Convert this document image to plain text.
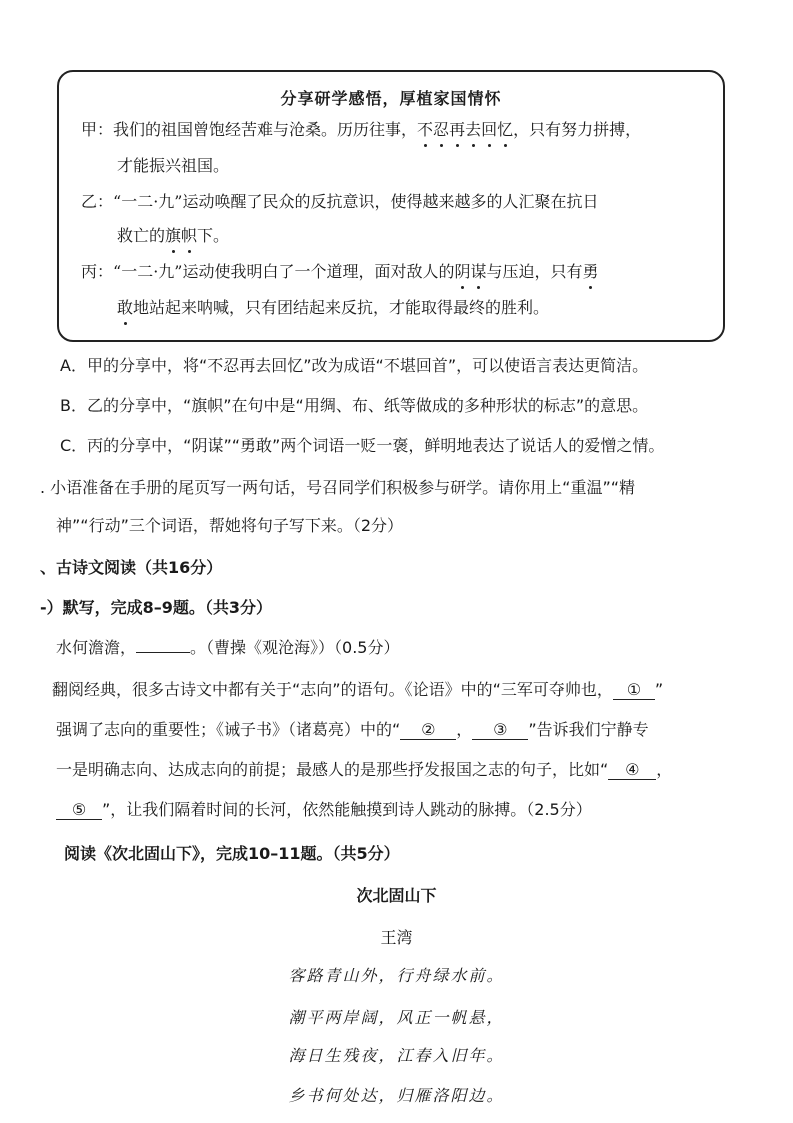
分享研学感悟，厚植家国情怀
甲：我们的祖国曾饱经苦难与沧桑。历历往事，不忍再去回忆，只有努力拼搏，
才能振兴祖国。
乙：“一二·九”运动唤醒了民众的反抗意识，使得越来越多的人汇聚在抗日
救亡的旗帜下。
丙：“一二·九”运动使我明白了一个道理，面对敌人的阴谋与压迫，只有勇
敢地站起来呐喊，只有团结起来反抗，才能取得最终的胜利。
A．甲的分享中，将“不忍再去回忆”改为成语“不堪回首”，可以使语言表达更简洁。
B．乙的分享中，“旗帜”在句中是“用绸、布、纸等做成的多种形状的标志”的意思。
C．丙的分享中，“阴谋”“勇敢”两个词语一贬一褒，鲜明地表达了说话人的爱憎之情。
. 小语准备在手册的尾页写一两句话，号召同学们积极参与研学。请你用上“重温”“精
神”“行动”三个词语，帮她将句子写下来。（2分）
、古诗文阅读（共16分）
-）默写，完成8–9题。（共3分）
水何澹澹，	。（曹操《观沧海》）（0.5分）
翻阅经典，很多古诗文中都有关于“志向”的语句。《论语》中的“三军可夺帅也， ① ”
强调了志向的重要性；《诫子书》（诸葛亮）中的“ ② ， ③ ”告诉我们宁静专
一是明确志向、达成志向的前提；最感人的是那些抒发报国之志的句子，比如“ ④ ，
⑤ ”，让我们隔着时间的长河，依然能触摸到诗人跳动的脉搏。（2.5分）
阅读《次北固山下》，完成10–11题。（共5分）
次北固山下
王湾
客路青山外，行舟绿水前。
潮平两岸阔，风正一帆悬，
海日生残夜，江春入旧年。
乡书何处达，归雁洛阳边。
